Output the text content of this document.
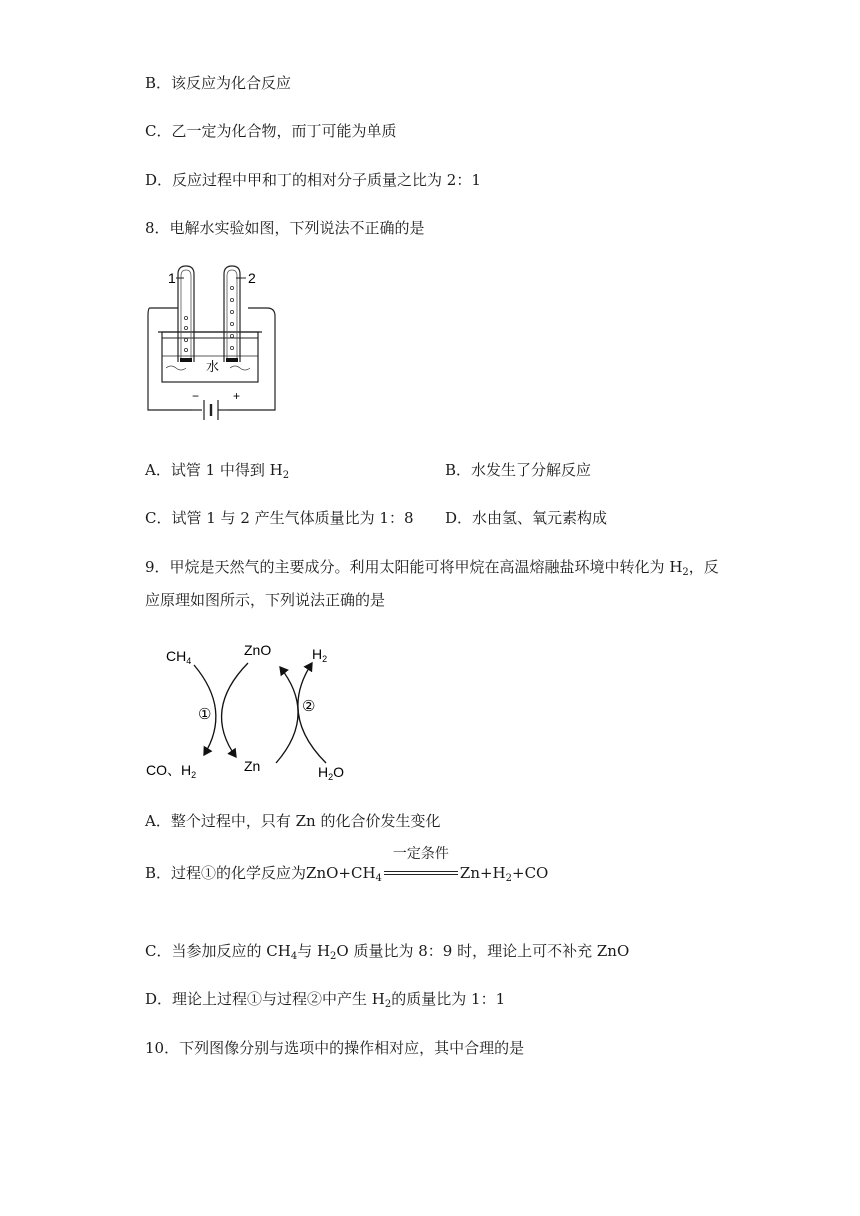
B．该反应为化合反应
C．乙一定为化合物，而丁可能为单质
D．反应过程中甲和丁的相对分子质量之比为 2：1
8．电解水实验如图，下列说法不正确的是
−	+
水
1	2
A．试管 1 中得到 $H_2$	B．水发生了分解反应
C．试管 1 与 2 产生气体质量比为 1：8 D．水由氢、氧元素构成
9．甲烷是天然气的主要成分。利用太阳能可将甲烷在高温熔融盐环境中转化为 $H_2$，反
应原理如图所示，下列说法正确的是
$CH_4$
ZnO	$H_2$
CO、$H_2$
Zn	$H_2O$
①	②
A．整个过程中，只有 Zn 的化合价发生变化
B．过程①的化学反应为$ZnO+CH_4$
一定条件
$Zn+H_2+CO$
C．当参加反应的 $CH_4$与 $H_2O$ 质量比为 8：9 时，理论上可不补充 ZnO
D．理论上过程①与过程②中产生 $H_2$的质量比为 1：1
10．下列图像分别与选项中的操作相对应，其中合理的是
